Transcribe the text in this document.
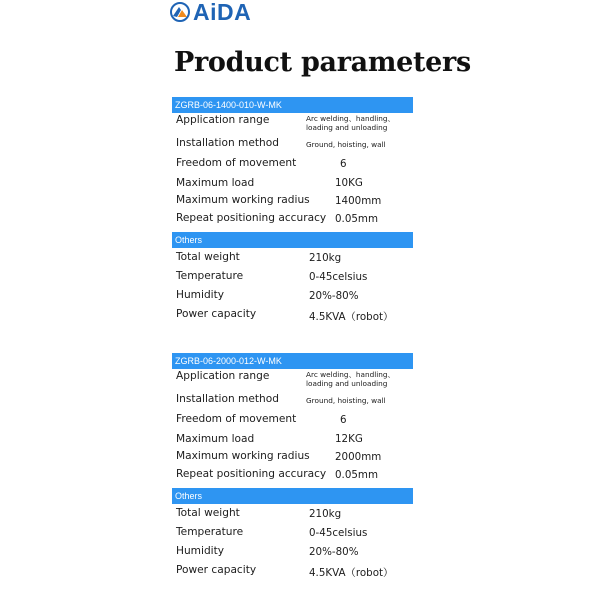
AiDA
Product parameters
ZGRB-06-1400-010-W-MK
Application range	Arc welding、handling、loading and unloading
Installation method	Ground, hoisting, wall
Freedom of movement	6
Maximum load	10KG
Maximum working radius 1400mm
Repeat positioning accuracy 0.05mm
Others
Total weight	210kg
Temperature	0-45celsius
Humidity	20%-80%
Power capacity	4.5KVA（robot）
ZGRB-06-2000-012-W-MK
Application range	Arc welding、handling、loading and unloading
Installation method	Ground, hoisting, wall
Freedom of movement	6
Maximum load	12KG
Maximum working radius 2000mm
Repeat positioning accuracy 0.05mm
Others
Total weight	210kg
Temperature	0-45celsius
Humidity	20%-80%
Power capacity	4.5KVA（robot）
